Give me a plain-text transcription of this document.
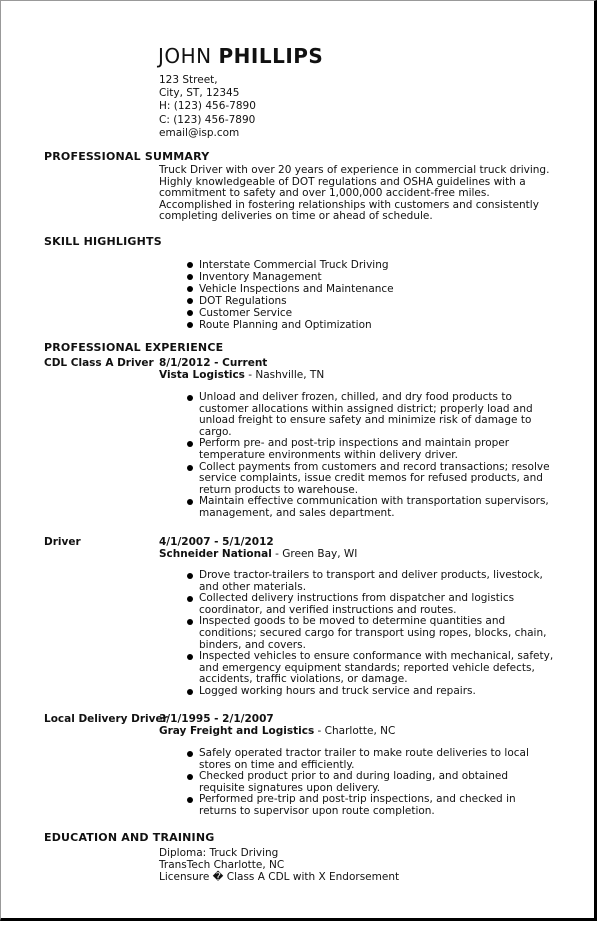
JOHN PHILLIPS
123 Street,
City, ST, 12345
H: (123) 456-7890
C: (123) 456-7890
email@isp.com
PROFESSIONAL SUMMARY
Truck Driver with over 20 years of experience in commercial truck driving.
Highly knowledgeable of DOT regulations and OSHA guidelines with a
commitment to safety and over 1,000,000 accident-free miles.
Accomplished in fostering relationships with customers and consistently
completing deliveries on time or ahead of schedule.
SKILL HIGHLIGHTS
Interstate Commercial Truck Driving
Inventory Management
Vehicle Inspections and Maintenance
DOT Regulations
Customer Service
Route Planning and Optimization
PROFESSIONAL EXPERIENCE
CDL Class A Driver 8/1/2012 - Current
Vista Logistics - Nashville, TN
Unload and deliver frozen, chilled, and dry food products to customer allocations within assigned district; properly load and unload freight to ensure safety and minimize risk of damage to cargo.
Perform pre- and post-trip inspections and maintain proper temperature environments within delivery driver.
Collect payments from customers and record transactions; resolve service complaints, issue credit memos for refused products, and return products to warehouse.
Maintain effective communication with transportation supervisors, management, and sales department.
Driver	4/1/2007 - 5/1/2012
Schneider National - Green Bay, WI
Drove tractor-trailers to transport and deliver products, livestock, and other materials.
Collected delivery instructions from dispatcher and logistics coordinator, and verified instructions and routes.
Inspected goods to be moved to determine quantities and conditions; secured cargo for transport using ropes, blocks, chain, binders, and covers.
Inspected vehicles to ensure conformance with mechanical, safety, and emergency equipment standards; reported vehicle defects, accidents, traffic violations, or damage.
Logged working hours and truck service and repairs.
Local Delivery Driver
3/1/1995 - 2/1/2007
Gray Freight and Logistics - Charlotte, NC
Safely operated tractor trailer to make route deliveries to local stores on time and efficiently.
Checked product prior to and during loading, and obtained requisite signatures upon delivery.
Performed pre-trip and post-trip inspections, and checked in returns to supervisor upon route completion.
EDUCATION AND TRAINING
Diploma: Truck Driving
TransTech Charlotte, NC
Licensure � Class A CDL with X Endorsement
